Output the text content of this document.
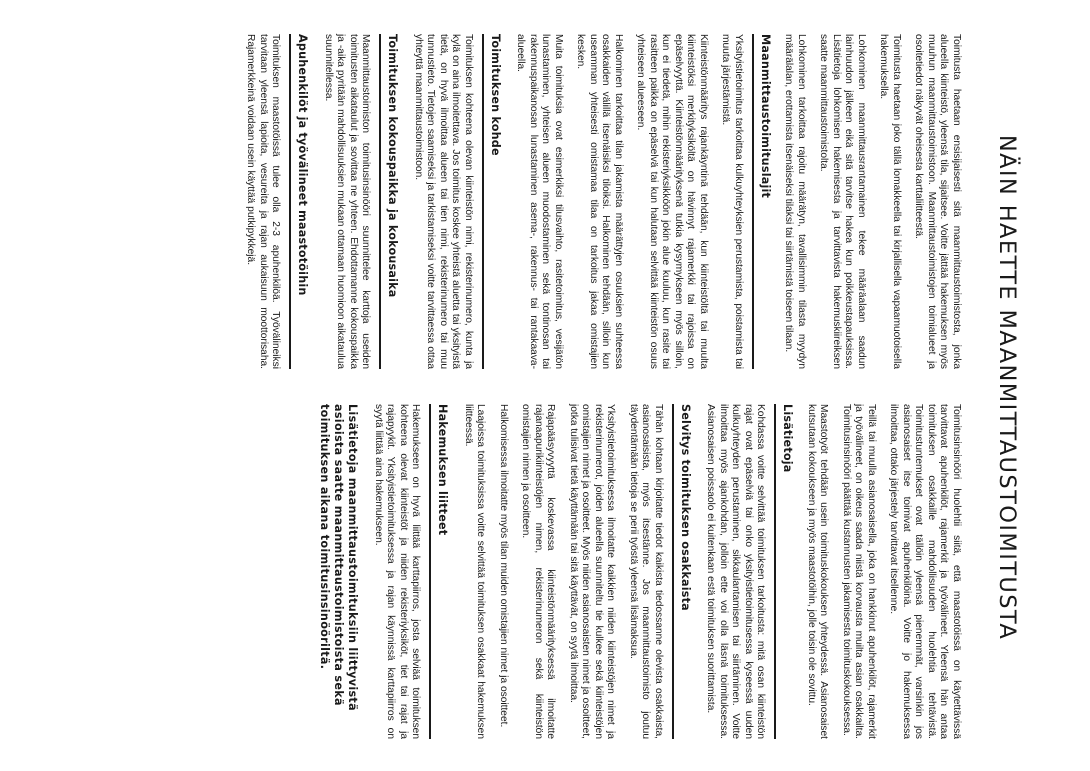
NÄIN HAETTE MAANMITTAUSTOIMITUSTA

Toimitusta haetaan ensisijaisesti sitä maanmittaustoimistosta, jonka alueella kiinteistö, yleensä tila, sijaitsee. Voitte jättää hakemuksen myös muuhun maanmittaustoimistoon. Maanmittaustoimistojen toimialueet ja osoitetiedot näkyvät oheisesta karttaliitteestä.

Toimitusta haetaan joko tällä lomakkeella tai kirjallisella vapaamuotoisella hakemuksella.

Lohkominen maanmittausrantamainen tekee määräalaan saadun lainhuudon jälkeen eikä sitä tarvitse hakea kun poikkeustapauksissa. Lisätietoja lohkomisen hakemisesta ja tarvittavista hakemuskiireiksen saatte maanmittaustoimistolta.

Lohkominen tarkoittaa rajoitu määrätyn, tavallisimmin tilasta myydyn määrälalan, erottamista itsenäiseksi tilaksi tai siirtämistä toiseen tilaan.

Maanmittaustoimituslajit

Yksityistietoimitus tarkoittaa kulkuyhteyksien perustamista, poistamista tai muuta järjestämistä.

Kiinteistönmääritys rajankäyntinä tehdään, kun kiinteistöltä tai muulta kiinteistöksi merkityksiköltä on hävinnyt rajamerkki tai rajoissa on epäselvyyttä. Kiinteistönmäärityksenä tutkia kysymykseen myös silloin, kun ei tiedetä, mihin rekisteriyksikköön jokin alue kuuluu, kun rasite tai rasitteen paikka on epäselvä tai kun halutaan selvittää kiinteistön osuus yhteiseen alueeseen.

Halkominen tarkoittaa tilan jakamista määrättyjen osuuksien suhteessa osakkaiden välillä itsenäisiksi tiloiksi. Halkominen tehdään, silloin kun useamman yhteisesti omistamaa tilaa on tarkoitus jakaa omistajien kesken.

Muita toimituksia ovat esimerkiksi tilusvaihto, rasitetoimitus, vesijätön lunastaminen, yhteisen alueen muodostaminen sekä tontinosan tai rakennuspaikanosan lunastaminen asema-, rakennus- tai rantakaava-alueella.

Toimituksen kohde

Toimituksen kohteena olevan kiinteistön nimi, rekisterinumero, kunta ja kylä on aina ilmoitettava. Jos toimitus koskee yhteistä aluetta tai yksityistä tietä, on hyvä ilmoittaa alueen tai tien nimi, rekisterinumero tai muu tunnustieto. Tietojen saamiseksi ja tarkistamiseksi voitte tarvittaessa ottaa yhteyttä maanmittaustoimistoon.

Toimituksen kokouspaikka ja kokousaika

Maanmittaustoimiston toimitusinsinööri suunnittelee karttoja useiden toimitusten aikataulut ja sovittaa ne yhteen. Ehdottamanne kokouspaikka ja -aika pyritään mahdollisuuksien mukaan ottamaan huomioon aikataulua suunnitellessa.

Apuhenkilöt ja työvälineet maastotöihin

Toimituksen maastotöissä tulee olla 2-3 apuhenkilöä. Työvälineiksi tarvitaan yleensä lapioita, vesureita ja rajan aukaisuun moottorisaha. Rajamerkkeinä voidaan usein käyttää putkipykkejä.

Toimitusinsinööri huolehtii siitä, että maastotöissä on käytettävissä tarvittavat apuhenkilöt, rajamerkit ja työvälineet. Yleensä hän antaa toimituksen osakkaille mahdollisuuden huolehtia tehtävistä. Toimitustuntemukset ovat tällöin yleensä pienemmät, varsinkin jos asianosaiset itse toimivat apuhenkilöinä. Voitte jo hakemuksessa ilmoittaa, ottako järjestely tarvittavat itsellenne.

Teillä tai muulla asianosaisella, joka on hankkinut apuhenkilöt, rajamerkit ja työvälineet, on oikeus saada niistä korvausta muilta asian osakkailta. Toimitusinsinööri päättää kustannusten jakamisesta toimituskokouksessa.

Maastotyöt tehdään usein toimituskokouksen yhteydessä. Asianosaiset kutsutaan kokoukseen ja myös maastotöihin, jolle toisin ole sovittu.

Lisätietoja

Kohdassa voitte selvittää toimituksen tarkoitusta: mitä osan kiinteistön rajat ovat epäselviä tai onko yksityistietoimitusessa kyseessä uuden kulkuyhteyden perustaminen, sikkaulantamisen tai siirtäminen. Voitte ilmoittaa myös ajankohdan, jolloin ette voi olla läsnä toimituksessa. Asianosaisen poissaolo ei kuitenkaan estä toimituksen suorittamista.

Selvitys toimituksen osakkaista

Tähän kohtaan kirjoitatte tiedot kaikista tiedossanne olevista osakkaista, asianosaisista, myös itsestänne. Jos maanmittaustoimisto joutuu täydentämään tietoja se perii työstä yleensä lisämaksua.

Yksityistietoimituksessa ilmoitatte kaikkien niiden kiinteistöjen nimet ja rekisterinumerot, joiden alueella suunniteltu tie kulkee sekä kiinteistöjen omistajien nimet ja osoitteet. Myös niiden asianosaisten nimet ja osoitteet, jotka tulisivat tietä käyttämään tai sitä käyttävät, on syytä ilmoittaa.

Rajapääsyvyyttä koskevassa kiinteistönmäärityksessä ilmoitatte rajanaapurikiinteistöjen nimen, rekisterinumeron sekä kiinteistön omistajien nimen ja osoitteen.

Halkomisessa ilmoitatte myös tilan muiden omistajien nimet ja osoitteet.

Laajoissa toimituksissa voitte selvittää toimituksen osakkaat hakemuksen liitteessä.

Hakemuksen liitteet

Hakemukseen on hyvä liittää karttapiirros, josta selviää toimituksen kohteena olevat kiinteistöt ja niiden rekisteriyksiköt, tiet tai rajat ja rajapyykit. Yksityistietoimituksessa ja rajan käynnissä karttapiirros on syytä liittää aina hakemukseen.

Lisätietoja maanmittaustoimituksiin liittyvistä asioista saatte maanmittaustoimistoista sekä toimituksen aikana toimitusinsinööriltä.
